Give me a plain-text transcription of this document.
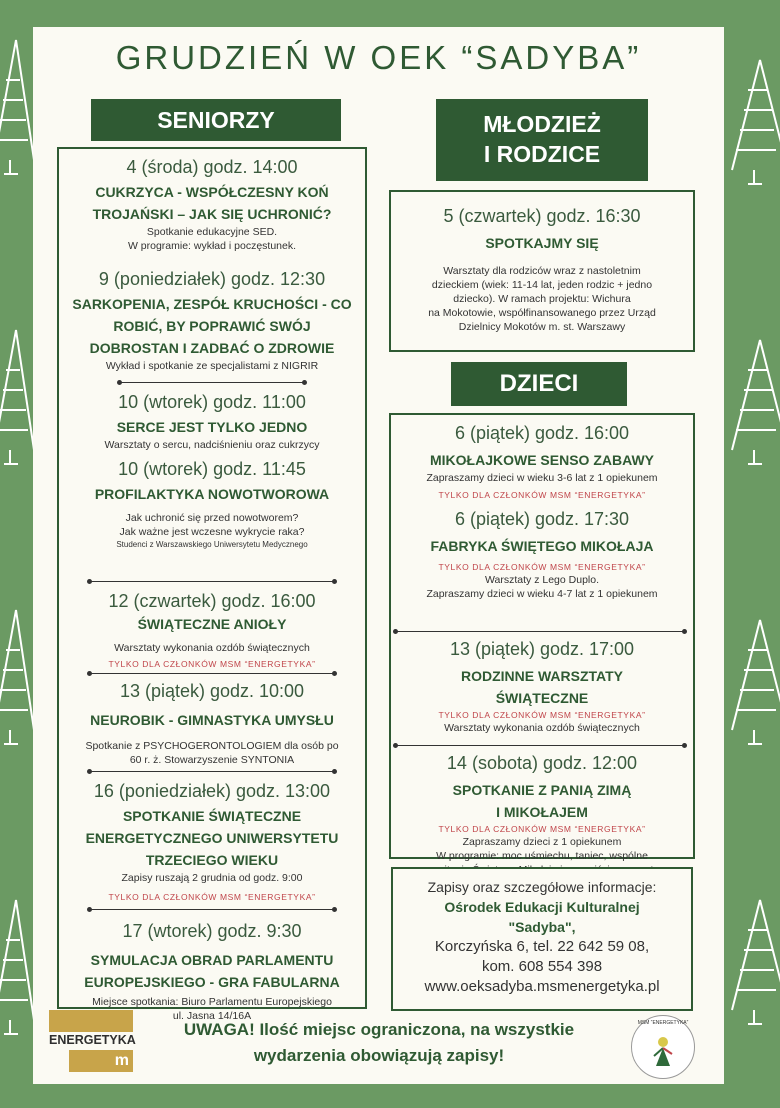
GRUDZIEŃ W OEK “SADYBA”
SENIORZY

4 (środa) godz. 14:00

CUKRZYCA - WSPÓŁCZESNY KOŃ TROJAŃSKI – JAK SIĘ UCHRONIĆ?

Spotkanie edukacyjne SED.

W programie: wykład i poczęstunek.

9 (poniedziałek) godz. 12:30

SARKOPENIA, ZESPÓŁ KRUCHOŚCI - CO ROBIĆ, BY POPRAWIĆ SWÓJ DOBROSTAN I ZADBAĆ O ZDROWIE

Wykład i spotkanie ze specjalistami z NIGRIR

10 (wtorek) godz. 11:00

SERCE JEST TYLKO JEDNO

Warsztaty o sercu, nadciśnieniu oraz cukrzycy

10 (wtorek) godz. 11:45

PROFILAKTYKA NOWOTWOROWA

Jak uchronić się przed nowotworem?

Jak ważne jest wczesne wykrycie raka?

Studenci z Warszawskiego Uniwersytetu Medycznego

12 (czwartek) godz. 16:00

ŚWIĄTECZNE ANIOŁY

Warsztaty wykonania ozdób świątecznych

TYLKO DLA CZŁONKÓW MSM “ENERGETYKA”

13 (piątek) godz. 10:00

NEUROBIK - GIMNASTYKA UMYSŁU

Spotkanie z PSYCHOGERONTOLOGIEM dla osób po

60 r. ż. Stowarzyszenie SYNTONIA

16 (poniedziałek) godz. 13:00

SPOTKANIE ŚWIĄTECZNE ENERGETYCZNEGO UNIWERSYTETU TRZECIEGO WIEKU

Zapisy ruszają 2 grudnia od godz. 9:00

TYLKO DLA CZŁONKÓW MSM “ENERGETYKA”

17 (wtorek) godz. 9:30

SYMULACJA OBRAD PARLAMENTU EUROPEJSKIEGO - GRA FABULARNA

Miejsce spotkania: Biuro Parlamentu Europejskiego

ul. Jasna 14/16A

MŁODZIEŻ
I RODZICE

5 (czwartek) godz. 16:30

SPOTKAJMY SIĘ

Warsztaty dla rodziców wraz z nastoletnim

dzieckiem (wiek: 11-14 lat, jeden rodzic + jedno

dziecko). W ramach projektu: Wichura

na Mokotowie, współfinansowanego przez Urząd

Dzielnicy Mokotów m. st. Warszawy

DZIECI

6 (piątek) godz. 16:00

MIKOŁAJKOWE SENSO ZABAWY

Zapraszamy dzieci w wieku 3-6 lat z 1 opiekunem

TYLKO DLA CZŁONKÓW MSM “ENERGETYKA”

6 (piątek) godz. 17:30

FABRYKA ŚWIĘTEGO MIKOŁAJA

TYLKO DLA CZŁONKÓW MSM “ENERGETYKA”

Warsztaty z Lego Duplo.

Zapraszamy dzieci w wieku 4-7 lat z 1 opiekunem

13 (piątek) godz. 17:00

RODZINNE WARSZTATY ŚWIĄTECZNE

TYLKO DLA CZŁONKÓW MSM “ENERGETYKA”

Warsztaty wykonania ozdób świątecznych

14 (sobota) godz. 12:00

SPOTKANIE Z PANIĄ ZIMĄ I MIKOŁAJEM

TYLKO DLA CZŁONKÓW MSM “ENERGETYKA”

Zapraszamy dzieci z 1 opiekunem

W programie: moc uśmiechu, taniec, wspólne

Zapisy oraz szczegółowe informacje:
Ośrodek Edukacji Kulturalnej
"Sadyba",
Korczyńska 6, tel. 22 642 59 08,
kom. 608 554 398
www.oeksadyba.msmenergetyka.pl
msm
ENERGETYKA
m
UWAGA! Ilość miejsc ograniczona, na wszystkie
wydarzenia obowiązują zapisy!
MSM “ENERGETYKA”
